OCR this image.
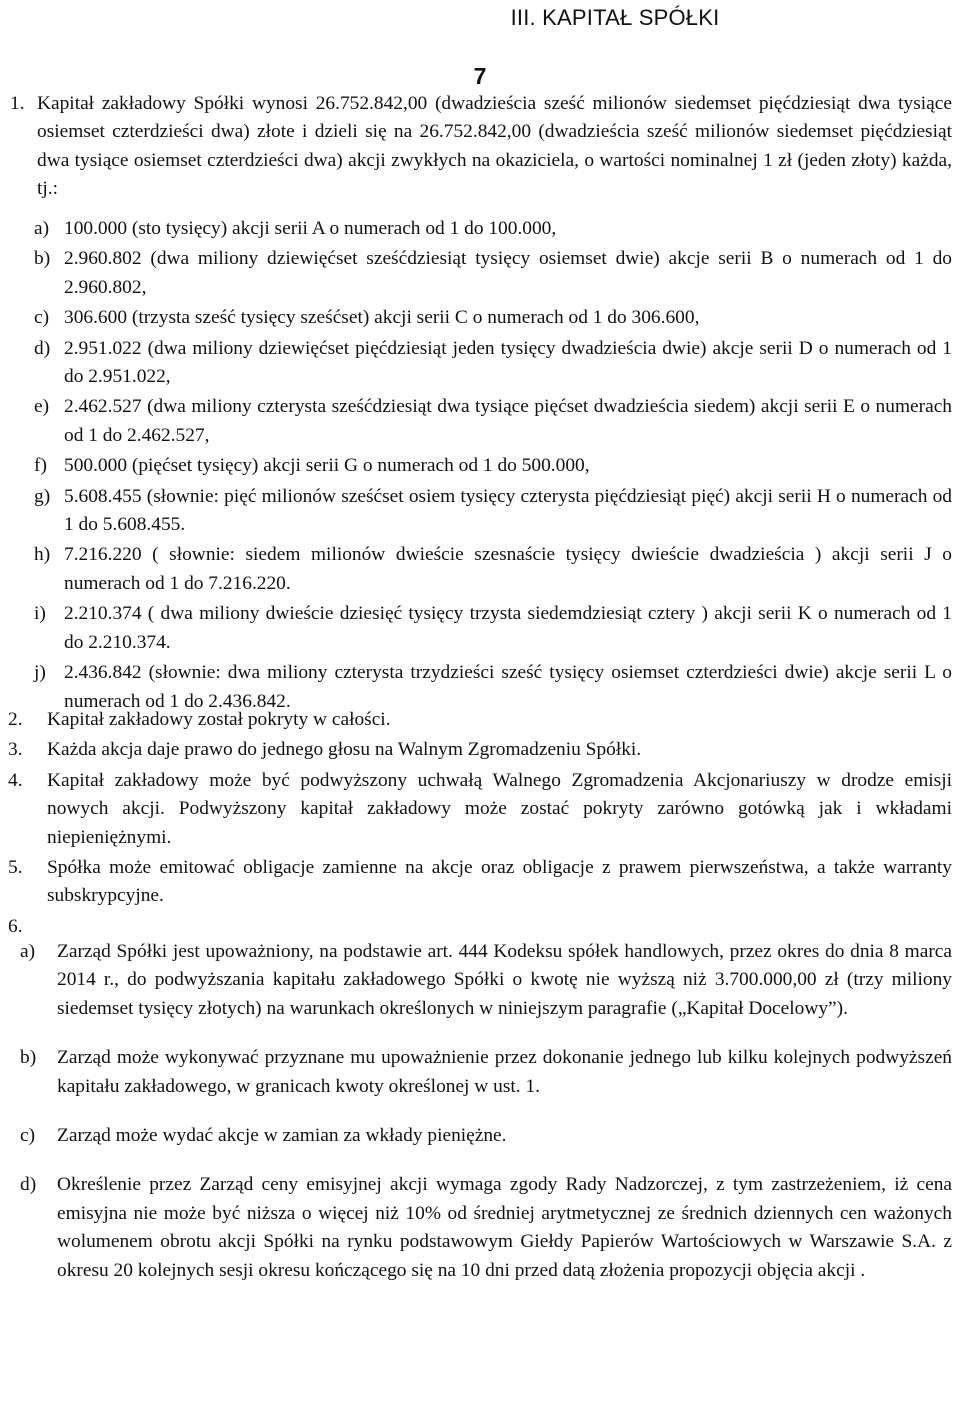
III. KAPITAŁ SPÓŁKI
7
1. Kapitał zakładowy Spółki wynosi 26.752.842,00 (dwadzieścia sześć milionów siedemset pięćdziesiąt dwa tysiące osiemset czterdzieści dwa) złote i dzieli się na 26.752.842,00 (dwadzieścia sześć milionów siedemset pięćdziesiąt dwa tysiące osiemset czterdzieści dwa) akcji zwykłych na okaziciela, o wartości nominalnej 1 zł (jeden złoty) każda, tj.:
a) 100.000 (sto tysięcy) akcji serii A o numerach od 1 do 100.000,
b) 2.960.802 (dwa miliony dziewięćset sześćdziesiąt tysięcy osiemset dwie) akcje serii B o numerach od 1 do 2.960.802,
c) 306.600 (trzysta sześć tysięcy sześćset) akcji serii C o numerach od 1 do 306.600,
d) 2.951.022 (dwa miliony dziewięćset pięćdziesiąt jeden tysięcy dwadzieścia dwie) akcje serii D o numerach od 1 do 2.951.022,
e) 2.462.527 (dwa miliony czterysta sześćdziesiąt dwa tysiące pięćset dwadzieścia siedem) akcji serii E o numerach od 1 do 2.462.527,
f) 500.000 (pięćset tysięcy) akcji serii G o numerach od 1 do 500.000,
g) 5.608.455 (słownie: pięć milionów sześćset osiem tysięcy czterysta pięćdziesiąt pięć) akcji serii H o numerach od 1 do 5.608.455.
h) 7.216.220 ( słownie: siedem milionów dwieście szesnaście tysięcy dwieście dwadzieścia ) akcji serii J o numerach od 1 do 7.216.220.
i) 2.210.374 ( dwa miliony dwieście dziesięć tysięcy trzysta siedemdziesiąt cztery ) akcji serii K o numerach od 1 do 2.210.374.
j) 2.436.842 (słownie: dwa miliony czterysta trzydzieści sześć tysięcy osiemset czterdzieści dwie) akcje serii L o numerach od 1 do 2.436.842.
2. Kapitał zakładowy został pokryty w całości.
3. Każda akcja daje prawo do jednego głosu na Walnym Zgromadzeniu Spółki.
4. Kapitał zakładowy może być podwyższony uchwałą Walnego Zgromadzenia Akcjonariuszy w drodze emisji nowych akcji. Podwyższony kapitał zakładowy może zostać pokryty zarówno gotówką jak i wkładami niepieniężnymi.
5. Spółka może emitować obligacje zamienne na akcje oraz obligacje z prawem pierwszeństwa, a także warranty subskrypcyjne.
6.
a) Zarząd Spółki jest upoważniony, na podstawie art. 444 Kodeksu spółek handlowych, przez okres do dnia 8 marca 2014 r., do podwyższania kapitału zakładowego Spółki o kwotę nie wyższą niż 3.700.000,00 zł (trzy miliony siedemset tysięcy złotych) na warunkach określonych w niniejszym paragrafie („Kapitał Docelowy”).
b) Zarząd może wykonywać przyznane mu upoważnienie przez dokonanie jednego lub kilku kolejnych podwyższeń kapitału zakładowego, w granicach kwoty określonej w ust. 1.
c) Zarząd może wydać akcje w zamian za wkłady pieniężne.
d) Określenie przez Zarząd ceny emisyjnej akcji wymaga zgody Rady Nadzorczej, z tym zastrzeżeniem, iż cena emisyjna nie może być niższa o więcej niż 10% od średniej arytmetycznej ze średnich dziennych cen ważonych wolumenem obrotu akcji Spółki na rynku podstawowym Giełdy Papierów Wartościowych w Warszawie S.A. z okresu 20 kolejnych sesji okresu kończącego się na 10 dni przed datą złożenia propozycji objęcia akcji .
